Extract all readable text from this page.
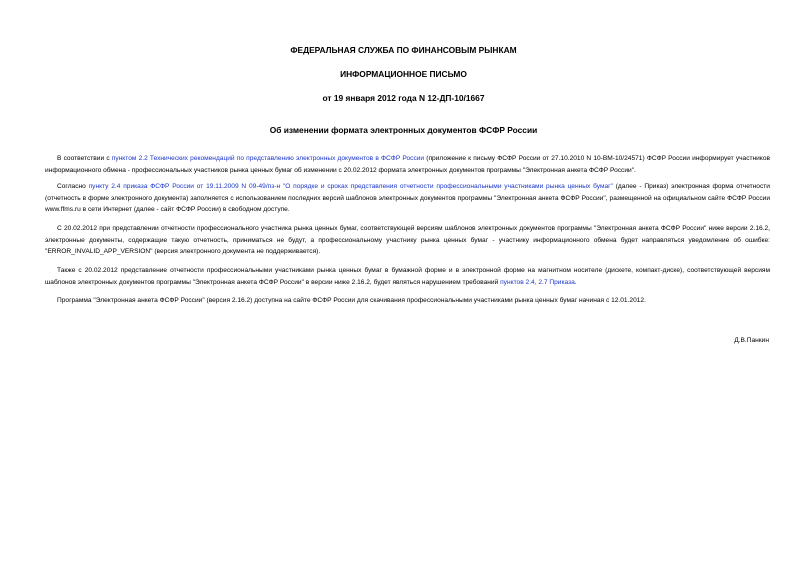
ФЕДЕРАЛЬНАЯ СЛУЖБА ПО ФИНАНСОВЫМ РЫНКАМ
ИНФОРМАЦИОННОЕ ПИСЬМО
от 19 января 2012 года N 12-ДП-10/1667
Об изменении формата электронных документов ФСФР России

В соответствии с пунктом 2.2 Технических рекомендаций по представлению электронных документов в ФСФР России (приложение к письму ФСФР России от 27.10.2010 N 10-ВМ-10/24571) ФСФР России информирует участников информационного обмена - профессиональных участников рынка ценных бумаг об изменении с 20.02.2012 формата электронных документов программы "Электронная анкета ФСФР России".

Согласно пункту 2.4 приказа ФСФР России от 19.11.2009 N 09-49/пз-н "О порядке и сроках представления отчетности профессиональными участниками рынка ценных бумаг" (далее - Приказ) электронная форма отчетности (отчетность в форме электронного документа) заполняется с использованием последних версий шаблонов электронных документов программы "Электронная анкета ФСФР России", размещенной на официальном сайте ФСФР России www.ffms.ru в сети Интернет (далее - сайт ФСФР России) в свободном доступе.

С 20.02.2012 при представлении отчетности профессионального участника рынка ценных бумаг, соответствующей версиям шаблонов электронных документов программы "Электронная анкета ФСФР России" ниже версии 2.16.2, электронные документы, содержащие такую отчетность, приниматься не будут, а профессиональному участнику рынка ценных бумаг - участнику информационного обмена будет направляться уведомление об ошибке: "ERROR_INVALID_APP_VERSION" (версия электронного документа не поддерживается).

Также с 20.02.2012 представление отчетности профессиональными участниками рынка ценных бумаг в бумажной форме и в электронной форме на магнитном носителе (дискете, компакт-диске), соответствующей версиям шаблонов электронных документов программы "Электронная анкета ФСФР России" в версии ниже 2.16.2, будет являться нарушением требований пунктов 2.4, 2.7 Приказа.

Программа "Электронная анкета ФСФР России" (версия 2.16.2) доступна на сайте ФСФР России для скачивания профессиональными участниками рынка ценных бумаг начиная с 12.01.2012.

Д.В.Панкин
